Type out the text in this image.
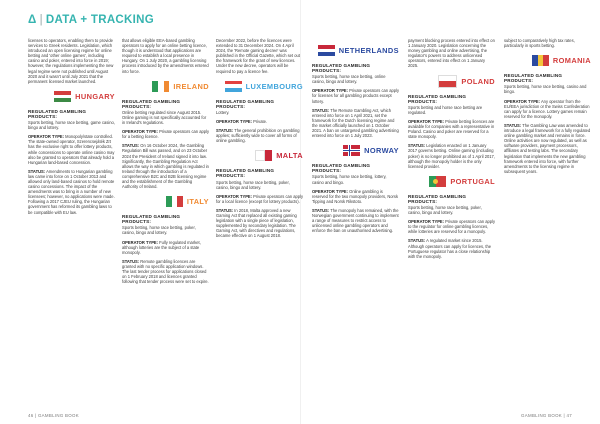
Δ | DATA + TRACKING

licenses to operators, enabling them to provide services to Greek residents. Legislation, which introduced an open licensing regime for online betting and 'other online games', including casino and poker, entered into force in 2019; however, the regulations implementing the new legal regime were not published until August 2020 and it wasn't until July 2021 that the permanent licensed market launched.

HUNGARY
REGULATED GAMBLING PRODUCTS:

Sports betting, horse race betting, game casino, bingo and lottery.

OPERATOR TYPE: Monopoly/state controlled. The state-owned operator, Szerencsejáték Zrt has the exclusive right to offer lottery products, while concessions to operate online casino may also be granted to operators that already hold a Hungarian land-based concession.

STATUS: Amendments to Hungarian gambling law came into force on 1 October 2013 and allowed only land-based casinos to hold remote casino concessions. The impact of the amendments was to bring in a number of new licensees; however, no applications were made. Following a 2017 CJEU ruling, the Hungarian government has reformed its gambling laws to be compatible with EU law.

that allows eligible EEA-based gambling operators to apply for an online betting licence, though it is understood that applications are required to establish a local presence in Hungary. On 1 July 2020, a gambling licensing process introduced by the amendments entered into force.

IRELAND
REGULATED GAMBLING PRODUCTS:

Online betting regulated since August 2015. Online gaming is not specifically accounted for in Ireland's regulations.

OPERATOR TYPE: Private operators can apply for a betting licence.

STATUS: On 16 October 2024, the Gambling Regulation Bill was passed, and on 23 October 2024 the President of Ireland signed it into law. Significantly, the Gambling Regulation Act allows the way in which gambling is regulated in Ireland through the introduction of a comprehensive B2C and B2B licensing regime and the establishment of the Gambling Authority of Ireland.

ITALY
REGULATED GAMBLING PRODUCTS:

Sports betting, horse race betting, poker, casino, bingo and lottery.

OPERATOR TYPE: Fully regulated market, although lotteries are the subject of a state monopoly.

STATUS: Remote gambling licences are granted with no specific application windows. The last tender process for applications closed on 1 February 2018 and licences granted following that tender process were set to expire.

December 2022, before the licences were extended to 31 December 2024. On 4 April 2024, the 'Remote gaming decree' was published in the Official Gazette, which set out the framework for the grant of new licences. Under the new decree, operators will be required to pay a licence fee.

LUXEMBOURG
REGULATED GAMBLING PRODUCTS:

Lottery.

OPERATOR TYPE: Private.

STATUS: The general prohibition on gambling applies; sufficiently wide to cover all forms of online gambling.

MALTA
REGULATED GAMBLING PRODUCTS:

Sports betting, horse race betting, poker, casino, bingo and lottery.

OPERATOR TYPE: Private operators can apply for a local licence (except for lottery products).

STATUS: In 2018, Malta approved a new Gaming Act that replaced all existing gaming legislation with a single piece of legislation, supplemented by secondary legislation. The Gaming Act, with directives and regulations, became effective on 1 August 2018.

NETHERLANDS
REGULATED GAMBLING PRODUCTS:

Sports betting, horse race betting, online casino, bingo and lottery.

OPERATOR TYPE: Private operators can apply for licenses for all gambling products except lottery.

STATUS: The Remote Gambling Act, which entered into force on 1 April 2021, set the framework for the Dutch licensing regime and the market officially launched on 1 October 2021. A ban on untargeted gambling advertising entered into force on 1 July 2023.

NORWAY
REGULATED GAMBLING PRODUCTS:

Sports betting, horse race betting, lottery, casino and bingo.

OPERATOR TYPE: Online gambling is reserved for the two monopoly providers, Norsk Tipping and Norsk Rikstoto.

STATUS: The monopoly has remained, with the Norwegian government continuing to implement a range of measures to restrict access to unlicensed online gambling operators and enforce the ban on unauthorised advertising.

payment blocking process entered into effect on 1 January 2020. Legislation concerning the money gambling and online advertising, the regulator's powers to address unlicensed operators, entered into effect on 1 January 2025.

POLAND
REGULATED GAMBLING PRODUCTS:

Sports betting and horse race betting are regulated.

OPERATOR TYPE: Private betting licences are available for companies with a representative in Poland. Casino and poker are reserved for a state monopoly.

STATUS: Legislation enacted on 1 January 2017 governs betting. Online gaming (including poker) is no longer prohibited as of 1 April 2017, although the monopoly holder is the only licensed provider.

PORTUGAL
REGULATED GAMBLING PRODUCTS:

Sports betting, horse race betting, poker, casino, bingo and lottery.

OPERATOR TYPE: Private operators can apply to the regulator for online gambling licences, while lotteries are reserved for a monopoly.

STATUS: A regulated market since 2015. Although operators can apply for licences, the Portuguese regulator has a close relationship with the monopoly.

subject to comparatively high tax rates, particularly in sports betting.

ROMANIA
REGULATED GAMBLING PRODUCTS:

Sports betting, horse race betting, casino and bingo.

OPERATOR TYPE: Any operator from the EU/EEA jurisdiction or the Swiss Confederation can apply for a licence. Lottery games remain reserved for the monopoly.

STATUS: The Gambling Law was amended to introduce a legal framework for a fully regulated online gambling market and remains in force. Online activities are now regulated, as well as software providers, payment processors, affiliates and testing labs. The secondary legislation that implements the new gambling framework entered into force, with further amendments to the licensing regime in subsequent years.

46 | GAMBLING BOOK	GAMBLING BOOK | 47
